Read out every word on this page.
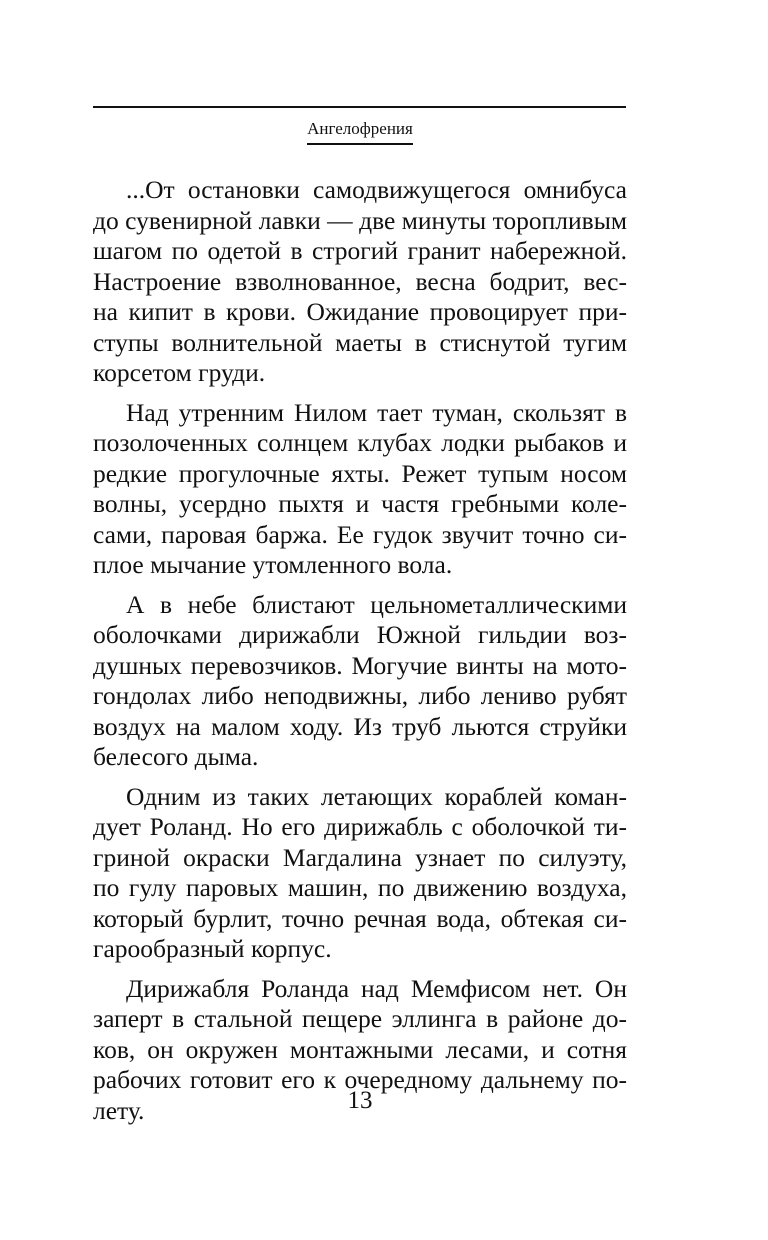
Ангелофрения

...От остановки самодвижущегося омнибуса
до сувенирной лавки — две минуты торопливым
шагом по одетой в строгий гранит набережной.
Настроение взволнованное, весна бодрит, вес-
на кипит в крови. Ожидание провоцирует при-
ступы волнительной маеты в стиснутой тугим
корсетом груди.

Над утренним Нилом тает туман, скользят в
позолоченных солнцем клубах лодки рыбаков и
редкие прогулочные яхты. Режет тупым носом
волны, усердно пыхтя и частя гребными коле-
сами, паровая баржа. Ее гудок звучит точно си-
плое мычание утомленного вола.

А в небе блистают цельнометаллическими
оболочками дирижабли Южной гильдии воз-
душных перевозчиков. Могучие винты на мото-
гондолах либо неподвижны, либо лениво рубят
воздух на малом ходу. Из труб льются струйки
белесого дыма.

Одним из таких летающих кораблей коман-
дует Роланд. Но его дирижабль с оболочкой ти-
гриной окраски Магдалина узнает по силуэту,
по гулу паровых машин, по движению воздуха,
который бурлит, точно речная вода, обтекая си-
гарообразный корпус.

Дирижабля Роланда над Мемфисом нет. Он
заперт в стальной пещере эллинга в районе до-
ков, он окружен монтажными лесами, и сотня
рабочих готовит его к очередному дальнему по-
лету.	13
